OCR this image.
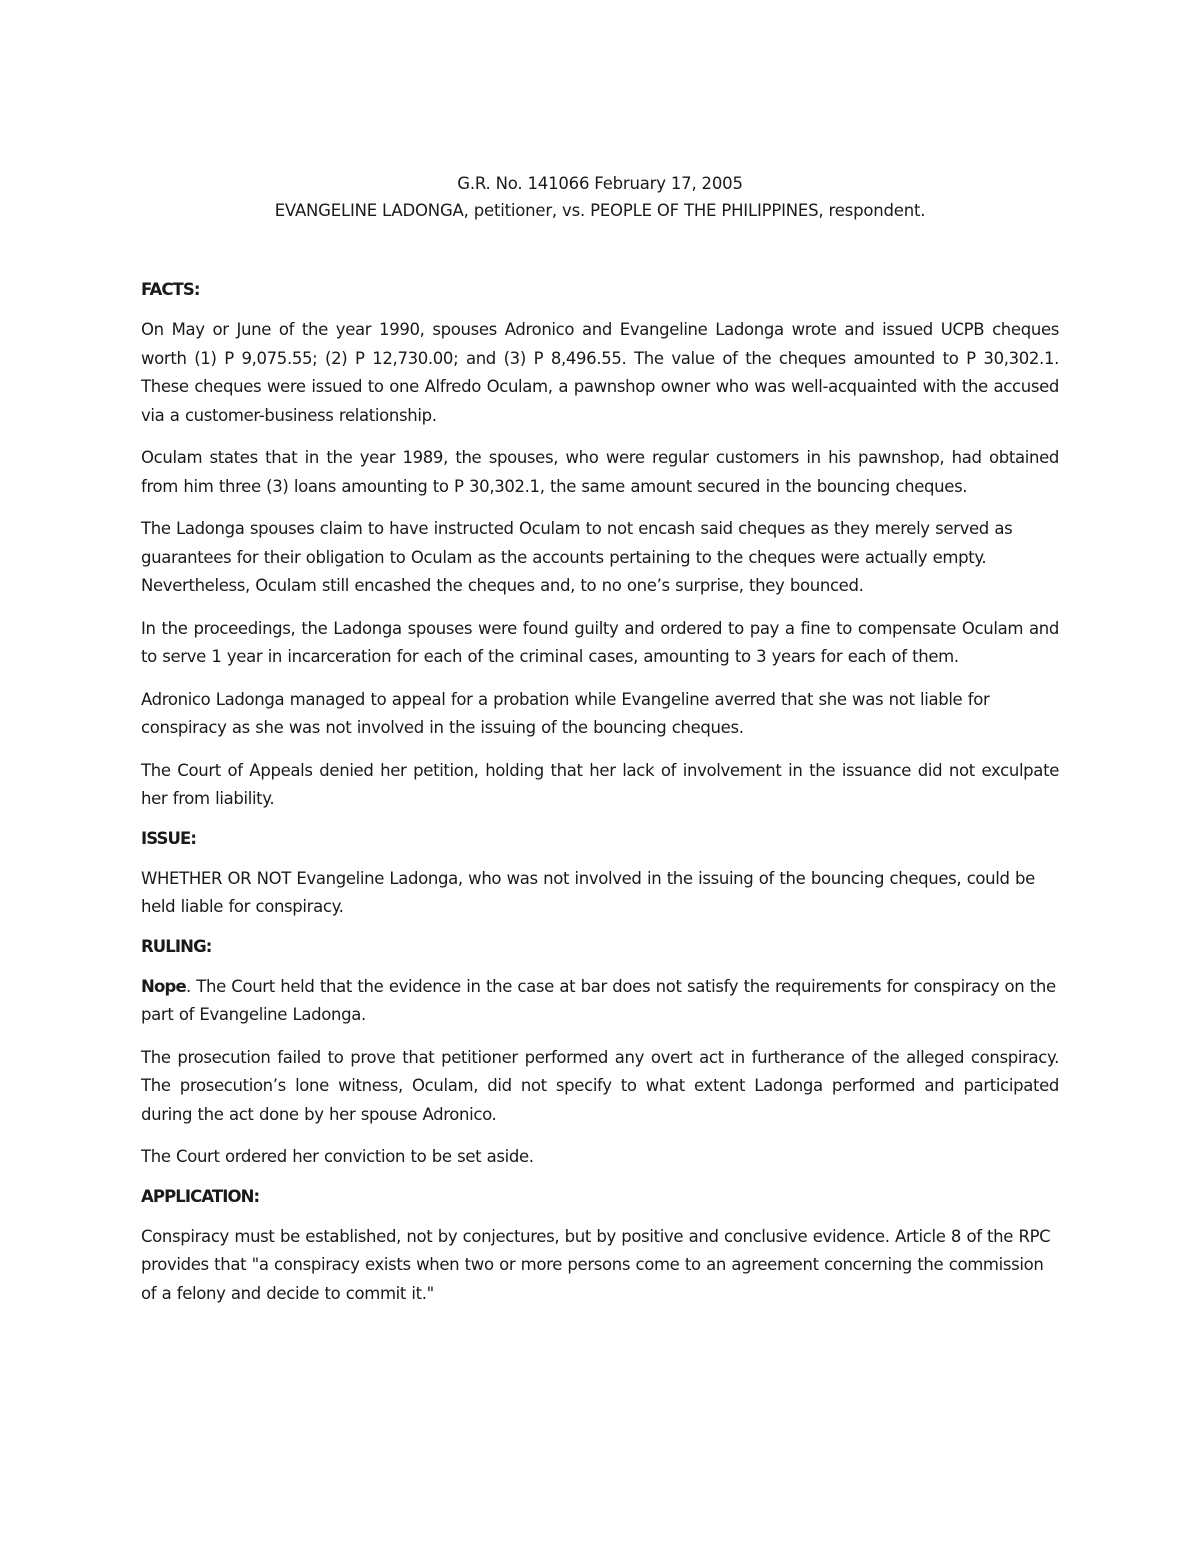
G.R. No. 141066 February 17, 2005
EVANGELINE LADONGA, petitioner, vs. PEOPLE OF THE PHILIPPINES, respondent.
FACTS:

On May or June of the year 1990, spouses Adronico and Evangeline Ladonga wrote and issued UCPB cheques worth (1) P 9,075.55; (2) P 12,730.00; and (3) P 8,496.55. The value of the cheques amounted to P 30,302.1. These cheques were issued to one Alfredo Oculam, a pawnshop owner who was well-acquainted with the accused via a customer-business relationship.

Oculam states that in the year 1989, the spouses, who were regular customers in his pawnshop, had obtained from him three (3) loans amounting to P 30,302.1, the same amount secured in the bouncing cheques.

The Ladonga spouses claim to have instructed Oculam to not encash said cheques as they merely served as guarantees for their obligation to Oculam as the accounts pertaining to the cheques were actually empty. Nevertheless, Oculam still encashed the cheques and, to no one’s surprise, they bounced.

In the proceedings, the Ladonga spouses were found guilty and ordered to pay a fine to compensate Oculam and to serve 1 year in incarceration for each of the criminal cases, amounting to 3 years for each of them.

Adronico Ladonga managed to appeal for a probation while Evangeline averred that she was not liable for conspiracy as she was not involved in the issuing of the bouncing cheques.

The Court of Appeals denied her petition, holding that her lack of involvement in the issuance did not exculpate her from liability.

ISSUE:

WHETHER OR NOT Evangeline Ladonga, who was not involved in the issuing of the bouncing cheques, could be held liable for conspiracy.

RULING:

Nope. The Court held that the evidence in the case at bar does not satisfy the requirements for conspiracy on the part of Evangeline Ladonga.

The prosecution failed to prove that petitioner performed any overt act in furtherance of the alleged conspiracy. The prosecution’s lone witness, Oculam, did not specify to what extent Ladonga performed and participated during the act done by her spouse Adronico.

The Court ordered her conviction to be set aside.

APPLICATION:

Conspiracy must be established, not by conjectures, but by positive and conclusive evidence. Article 8 of the RPC provides that "a conspiracy exists when two or more persons come to an agreement concerning the commission of a felony and decide to commit it."
